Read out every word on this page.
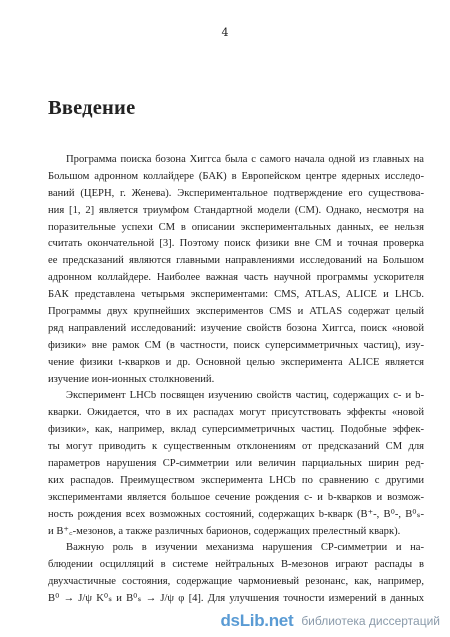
4
Введение
Программа поиска бозона Хиггса была с самого начала одной из главных на
Большом адронном коллайдере (БАК) в Европейском центре ядерных исследо-
ваний (ЦЕРН, г. Женева). Экспериментальное подтверждение его существова-
ния [1, 2] является триумфом Стандартной модели (СМ). Однако, несмотря на
поразительные успехи СМ в описании экспериментальных данных, ее нельзя
считать окончательной [3]. Поэтому поиск физики вне СМ и точная проверка
ее предсказаний являются главными направлениями исследований на Большом
адронном коллайдере. Наиболее важная часть научной программы ускорителя
БАК представлена четырьмя экспериментами: CMS, ATLAS, ALICE и LHCb.
Программы двух крупнейших экспериментов CMS и ATLAS содержат целый
ряд направлений исследований: изучение свойств бозона Хиггса, поиск «новой
физики» вне рамок СМ (в частности, поиск суперсимметричных частиц), изу-
чение физики t-кварков и др. Основной целью эксперимента ALICE является
изучение ион-ионных столкновений.
Эксперимент LHCb посвящен изучению свойств частиц, содержащих c- и b-
кварки. Ожидается, что в их распадах могут присутствовать эффекты «новой
физики», как, например, вклад суперсимметричных частиц. Подобные эффек-
ты могут приводить к существенным отклонениям от предсказаний СМ для
параметров нарушения CP-симметрии или величин парциальных ширин ред-
ких распадов. Преимуществом эксперимента LHCb по сравнению с другими
экспериментами является большое сечение рождения c- и b-кварков и возмож-
ность рождения всех возможных состояний, содержащих b-кварк (B⁺-, B⁰-, B⁰ₛ-
и B⁺꜀-мезонов, а также различных барионов, содержащих прелестный кварк).
Важную роль в изучении механизма нарушения CP-симметрии и на-
блюдении осцилляций в системе нейтральных B-мезонов играют распады в
двухчастичные состояния, содержащие чармониевый резонанс, как, например,
B⁰ → J/ψ K⁰ₛ и B⁰ₛ → J/ψ φ [4]. Для улучшения точности измерений в данных
dsLib.net библиотека диссертаций
